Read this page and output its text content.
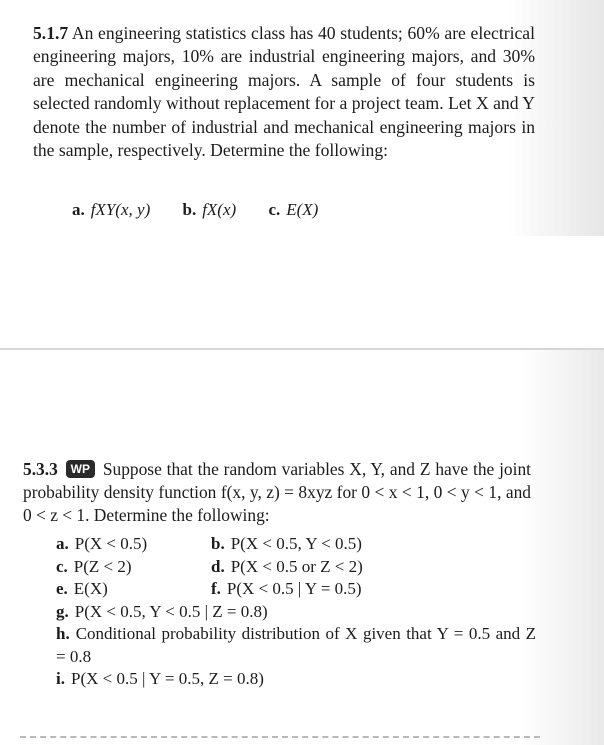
5.1.7 An engineering statistics class has 40 students; 60% are electrical engineering majors, 10% are industrial engineering majors, and 30% are mechanical engineering majors. A sample of four students is selected randomly without replacement for a project team. Let X and Y denote the number of industrial and mechanical engineering majors in the sample, respectively. Determine the following:
a. fXY(x, y) b. fX(x) c. E(X)
5.3.3 WP Suppose that the random variables X, Y, and Z have the joint probability density function f(x, y, z) = 8xyz for 0 < x < 1, 0 < y < 1, and 0 < z < 1. Determine the following:
a. P(X < 0.5)	b. P(X < 0.5, Y < 0.5)
c. P(Z < 2)	d. P(X < 0.5 or Z < 2)
e. E(X)	f. P(X < 0.5 | Y = 0.5)
g. P(X < 0.5, Y < 0.5 | Z = 0.8)
h. Conditional probability distribution of X given that Y = 0.5 and Z = 0.8
i. P(X < 0.5 | Y = 0.5, Z = 0.8)
